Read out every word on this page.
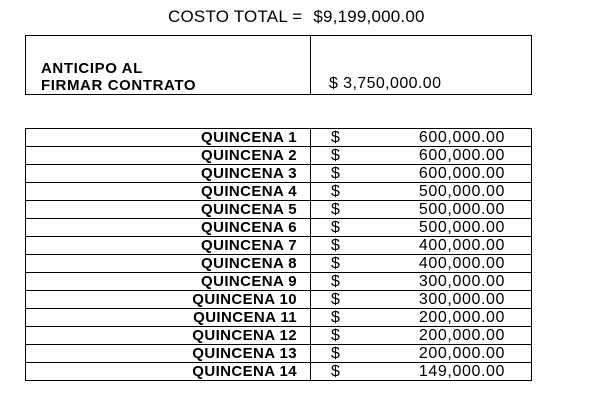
COSTO TOTAL = $9,199,000.00
ANTICIPO AL
FIRMAR CONTRATO	$ 3,750,000.00
QUINCENA 1	$ 600,000.00

QUINCENA 2	$ 600,000.00

QUINCENA 3	$ 600,000.00

QUINCENA 4	$ 500,000.00

QUINCENA 5	$ 500,000.00

QUINCENA 6	$ 500,000.00

QUINCENA 7	$ 400,000.00

QUINCENA 8	$ 400,000.00

QUINCENA 9	$ 300,000.00

QUINCENA 10	$ 300,000.00

QUINCENA 11	$ 200,000.00

QUINCENA 12	$ 200,000.00

QUINCENA 13	$ 200,000.00

QUINCENA 14	$ 149,000.00
